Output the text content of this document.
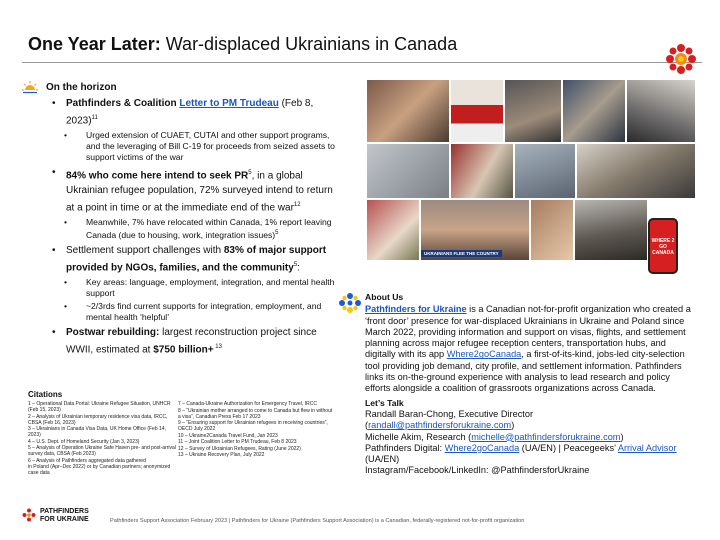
One Year Later: War-displaced Ukrainians in Canada
On the horizon
• Pathfinders & Coalition Letter to PM Trudeau (Feb 8, 2023)$^{11}$
• Urged extension of CUAET, CUTAI and other support programs, and the leveraging of Bill C-19 for proceeds from seized assets to support victims of the war
• 84% who come here intend to seek $PR^5$, in a global Ukrainian refugee population, 72% surveyed intend to return at a point in time or at the immediate end of the war$^{12}$
• Meanwhile, 7% have relocated within Canada, 1% report leaving Canada (due to housing, work, integration issues)$^5$
• Settlement support challenges with 83% of major support provided by NGOs, families, and the community$^5$:
• Key areas: language, employment, integration, and mental health support
• ~2/3rds find current supports for integration, employment, and mental health ‘helpful’
• Postwar rebuilding: largest reconstruction project since WWII, estimated at $750 billion+ $^{13}$
Citations
1 – Operational Data Portal: Ukraine Refugee Situation, UNHCR (Feb 15, 2023)
2 – Analysis of Ukrainian temporary residence visa data, IRCC, CBSA (Feb 16, 2023)
3 – Ukrainians in Canada Visa Data, UK Home Office (Feb 14, 2023)
4 – U.S. Dept. of Homeland Security (Jan 3, 2023)
5 – Analysis of Operation Ukraine Safe Haven pre- and post-arrival survey data, CBSA (Feb 2023)
6 – Analysis of Pathfinders aggregated data gathered
in Poland (Apr–Dec 2022) or by Canadian partners; anonymized case data
7 – Canada-Ukraine Authorization for Emergency Travel, IRCC
8 – “Ukrainian mother arranged to come to Canada but flew in without a visa”, Canadian Press Feb 17 2023
9 – “Ensuring support for Ukrainian refugees in receiving countries”, OECD July 2022
10 – Ukraine2Canada Travel Fund, Jan 2023
11 – Joint Coalition Letter to PM Trudeau, Feb 8 2023
12 – Survey of Ukrainian Refugees, Rating (June 2022)
13 – Ukraine Recovery Plan, July 2022
UKRAINIANS FLEE THE COUNTRY
WHERE 2 GO CANADA
About Us
Pathfinders for Ukraine is a Canadian not-for-profit organization who created a ‘front door’ presence for war-displaced Ukrainians in Ukraine and Poland since March 2022, providing information and support on visas, flights, and settlement planning across major refugee reception centers, transportation hubs, and digitally with its app Where2goCanada, a first-of-its-kind, jobs-led city-selection tool providing job demand, city profile, and settlement information. Pathfinders links its on-the-ground experience with analysis to lead research and policy efforts alongside a coalition of grassroots organizations across Canada.
Let’s Talk
Randall Baran-Chong, Executive Director
(randall@pathfindersforukraine.com)
Michelle Akim, Research (michelle@pathfindersforukraine.com)
Pathfinders Digital: Where2goCanada (UA/EN) | Peacegeeks’ Arrival Advisor (UA/EN)
Instagram/Facebook/LinkedIn: @PathfindersforUkraine
PATHFINDERS
FOR UKRAINE	Pathfinders Support Association February 2023 | Pathfinders for Ukraine (Pathfinders Support Association) is a Canadian, federally-registered not-for-profit organization
